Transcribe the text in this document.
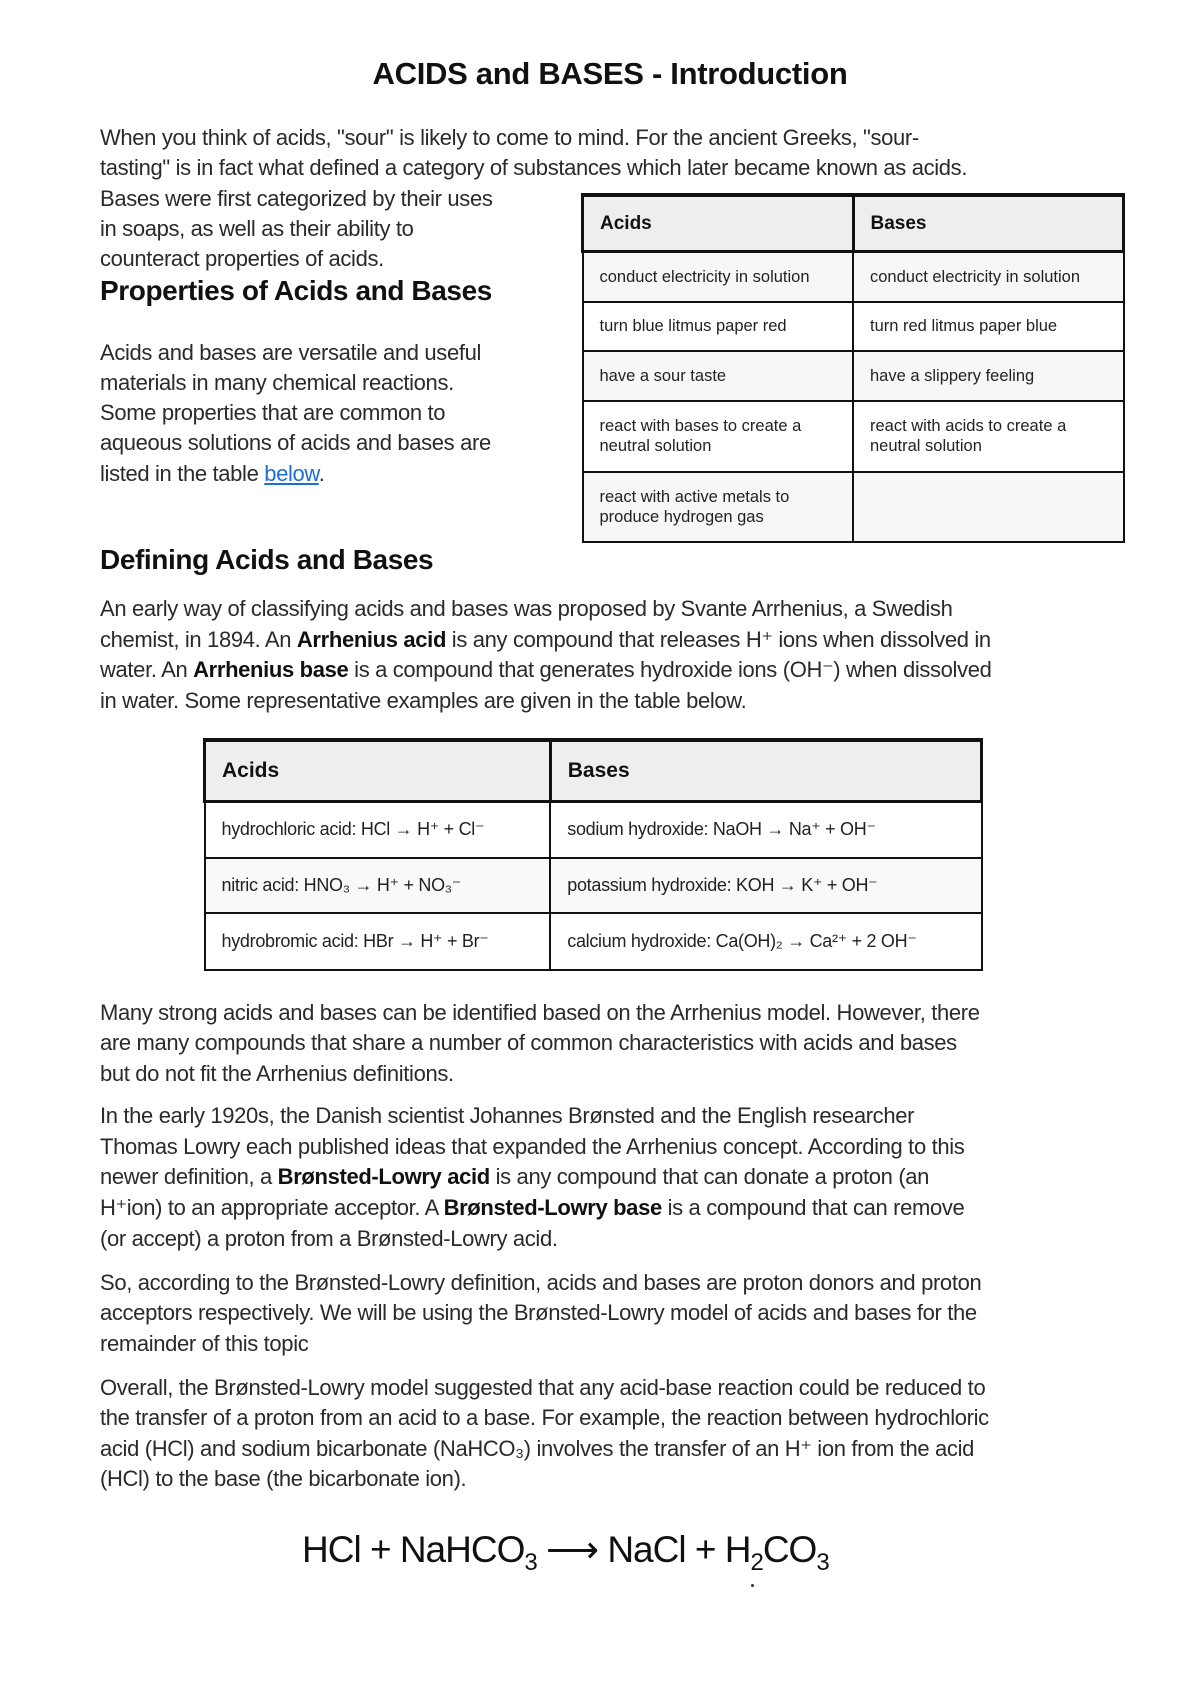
ACIDS and BASES - Introduction
When you think of acids, "sour" is likely to come to mind. For the ancient Greeks, "sour-
tasting" is in fact what defined a category of substances which later became known as acids.
Bases were first categorized by their uses
in soaps, as well as their ability to
counteract properties of acids.
Properties of Acids and Bases
Acids and bases are versatile and useful
materials in many chemical reactions.
Some properties that are common to
aqueous solutions of acids and bases are
listed in the table below.
Acids	Bases
conduct electricity in solution	conduct electricity in solution
turn blue litmus paper red	turn red litmus paper blue
have a sour taste	have a slippery feeling
react with bases to create a neutral solution	react with acids to create a neutral solution
react with active metals to produce hydrogen gas	
Defining Acids and Bases
An early way of classifying acids and bases was proposed by Svante Arrhenius, a Swedish
chemist, in 1894. An Arrhenius acid is any compound that releases H⁺ ions when dissolved in
water. An Arrhenius base is a compound that generates hydroxide ions (OH⁻) when dissolved
in water. Some representative examples are given in the table below.
Acids	Bases
hydrochloric acid: HCl → H⁺ + Cl⁻	sodium hydroxide: NaOH → Na⁺ + OH⁻
nitric acid: HNO₃ → H⁺ + NO₃⁻	potassium hydroxide: KOH → K⁺ + OH⁻
hydrobromic acid: HBr → H⁺ + Br⁻	calcium hydroxide: Ca(OH)₂ → Ca²⁺ + 2 OH⁻
Many strong acids and bases can be identified based on the Arrhenius model. However, there
are many compounds that share a number of common characteristics with acids and bases
but do not fit the Arrhenius definitions.
In the early 1920s, the Danish scientist Johannes Brønsted and the English researcher
Thomas Lowry each published ideas that expanded the Arrhenius concept. According to this
newer definition, a Brønsted-Lowry acid is any compound that can donate a proton (an
H⁺ion) to an appropriate acceptor. A Brønsted-Lowry base is a compound that can remove
(or accept) a proton from a Brønsted-Lowry acid.
So, according to the Brønsted-Lowry definition, acids and bases are proton donors and proton
acceptors respectively. We will be using the Brønsted-Lowry model of acids and bases for the
remainder of this topic
Overall, the Brønsted-Lowry model suggested that any acid-base reaction could be reduced to
the transfer of a proton from an acid to a base. For example, the reaction between hydrochloric
acid (HCl) and sodium bicarbonate (NaHCO₃) involves the transfer of an H⁺ ion from the acid
(HCl) to the base (the bicarbonate ion).
HCl + NaHCO$_3$ ⟶ NaCl + $H_2CO_3$
